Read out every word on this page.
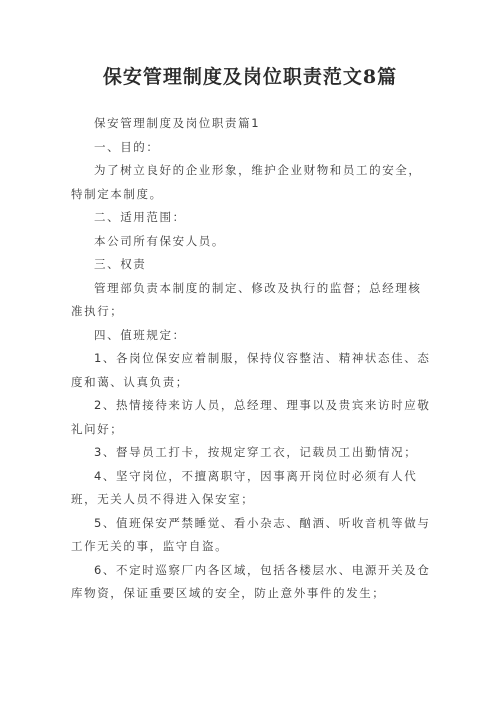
保安管理制度及岗位职责范文8篇

保安管理制度及岗位职责篇1

一、目的：

为了树立良好的企业形象，维护企业财物和员工的安全，特制定本制度。

二、适用范围：

本公司所有保安人员。

三、权责

管理部负责本制度的制定、修改及执行的监督；总经理核准执行；

四、值班规定：

1、各岗位保安应着制服，保持仪容整洁、精神状态佳、态度和蔼、认真负责；

2、热情接待来访人员，总经理、理事以及贵宾来访时应敬礼问好；

3、督导员工打卡，按规定穿工衣，记载员工出勤情况；

4、坚守岗位，不擅离职守，因事离开岗位时必须有人代班，无关人员不得进入保安室；

5、值班保安严禁睡觉、看小杂志、酗酒、听收音机等做与工作无关的事，监守自盗。

6、不定时巡察厂内各区域，包括各楼层水、电源开关及仓库物资，保证重要区域的安全，防止意外事件的发生；
